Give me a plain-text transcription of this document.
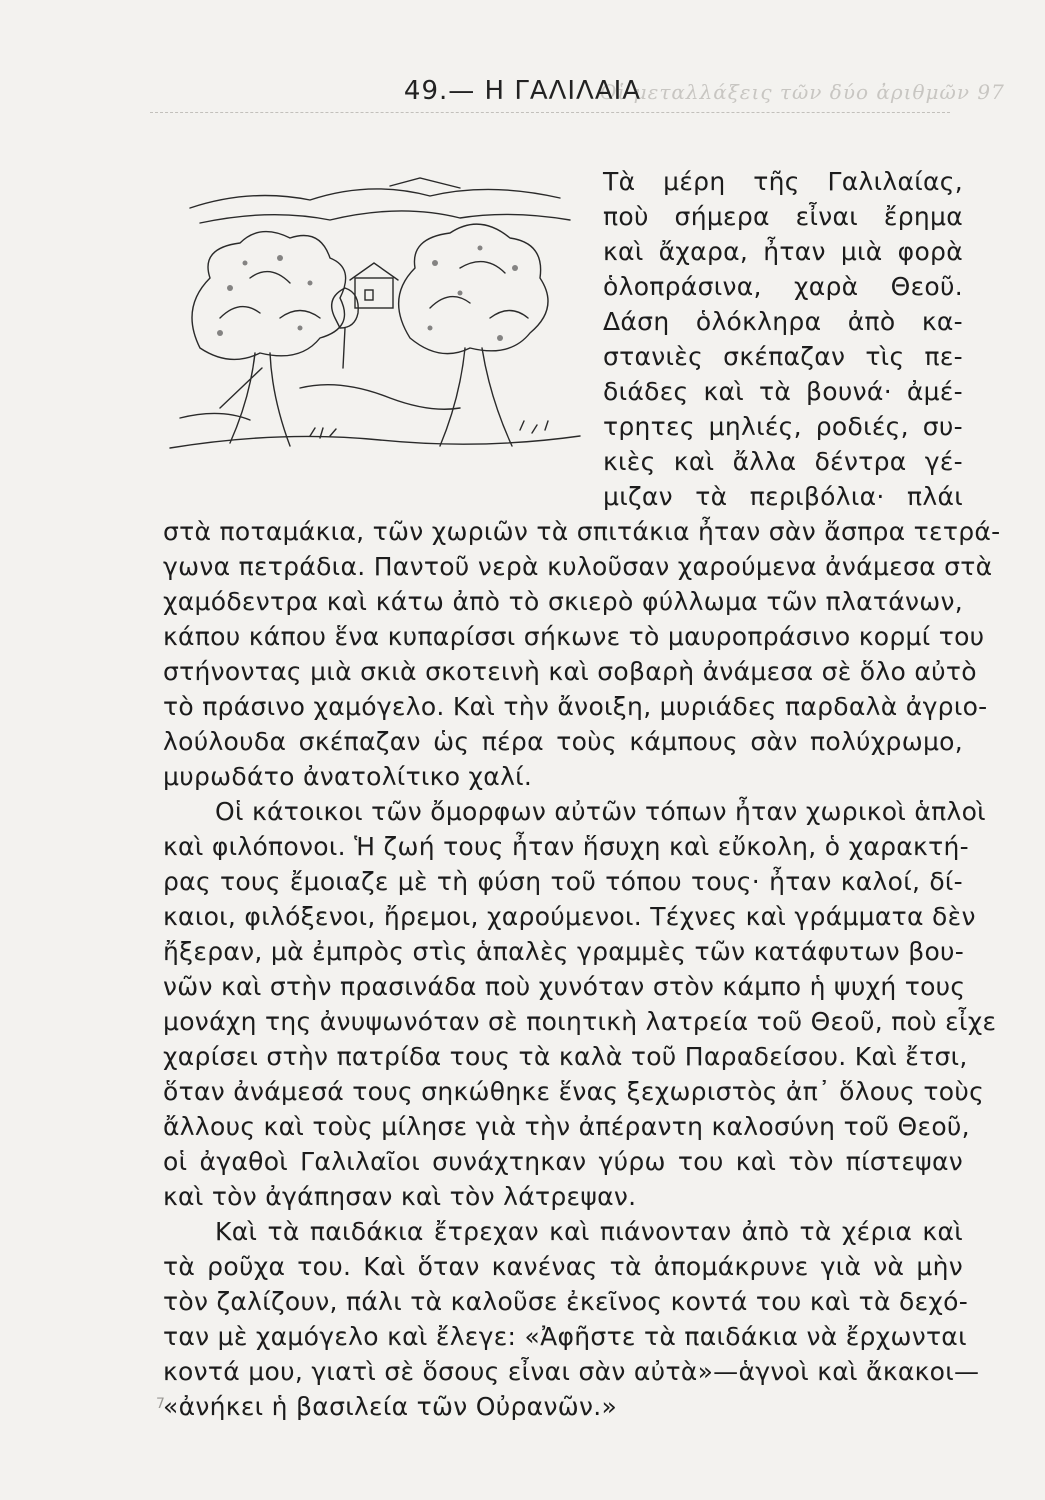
Οἱ μεταλλάξεις τῶν δύο ἀριθμῶν 97
49.— Η ΓΑΛΙΛΑΙΑ
Τὰ μέρη τῆς Γαλιλαίας,
ποὺ σήμερα εἶναι ἔρημα
καὶ ἄχαρα, ἦταν μιὰ φορὰ
ὁλοπράσινα, χαρὰ Θεοῦ.
Δάση ὁλόκληρα ἀπὸ κα-
στανιὲς σκέπαζαν τὶς πε-
διάδες καὶ τὰ βουνά· ἀμέ-
τρητες μηλιές, ροδιές, συ-
κιὲς καὶ ἄλλα δέντρα γέ-
μιζαν τὰ περιβόλια· πλάι
στὰ ποταμάκια, τῶν χωριῶν τὰ σπιτάκια ἦταν σὰν ἄσπρα τετρά-
γωνα πετράδια. Παντοῦ νερὰ κυλοῦσαν χαρούμενα ἀνάμεσα στὰ
χαμόδεντρα καὶ κάτω ἀπὸ τὸ σκιερὸ φύλλωμα τῶν πλατάνων,
κάπου κάπου ἕνα κυπαρίσσι σήκωνε τὸ μαυροπράσινο κορμί του
στήνοντας μιὰ σκιὰ σκοτεινὴ καὶ σοβαρὴ ἀνάμεσα σὲ ὅλο αὐτὸ
τὸ πράσινο χαμόγελο. Καὶ τὴν ἄνοιξη, μυριάδες παρδαλὰ ἀγριο-
λούλουδα σκέπαζαν ὡς πέρα τοὺς κάμπους σὰν πολύχρωμο,
μυρωδάτο ἀνατολίτικο χαλί.
Οἱ κάτοικοι τῶν ὄμορφων αὐτῶν τόπων ἦταν χωρικοὶ ἁπλοὶ
καὶ φιλόπονοι. Ἡ ζωή τους ἦταν ἥσυχη καὶ εὔκολη, ὁ χαρακτή-
ρας τους ἔμοιαζε μὲ τὴ φύση τοῦ τόπου τους· ἦταν καλοί, δί-
καιοι, φιλόξενοι, ἤρεμοι, χαρούμενοι. Τέχνες καὶ γράμματα δὲν
ἤξεραν, μὰ ἐμπρὸς στὶς ἁπαλὲς γραμμὲς τῶν κατάφυτων βου-
νῶν καὶ στὴν πρασινάδα ποὺ χυνόταν στὸν κάμπο ἡ ψυχή τους
μονάχη της ἀνυψωνόταν σὲ ποιητικὴ λατρεία τοῦ Θεοῦ, ποὺ εἶχε
χαρίσει στὴν πατρίδα τους τὰ καλὰ τοῦ Παραδείσου. Καὶ ἔτσι,
ὅταν ἀνάμεσά τους σηκώθηκε ἕνας ξεχωριστὸς ἀπ᾿ ὅλους τοὺς
ἄλλους καὶ τοὺς μίλησε γιὰ τὴν ἀπέραντη καλοσύνη τοῦ Θεοῦ,
οἱ ἀγαθοὶ Γαλιλαῖοι συνάχτηκαν γύρω του καὶ τὸν πίστεψαν
καὶ τὸν ἀγάπησαν καὶ τὸν λάτρεψαν.
Καὶ τὰ παιδάκια ἔτρεχαν καὶ πιάνονταν ἀπὸ τὰ χέρια καὶ
τὰ ροῦχα του. Καὶ ὅταν κανένας τὰ ἀπομάκρυνε γιὰ νὰ μὴν
τὸν ζαλίζουν, πάλι τὰ καλοῦσε ἐκεῖνος κοντά του καὶ τὰ δεχό-
ταν μὲ χαμόγελο καὶ ἔλεγε: «Ἀφῆστε τὰ παιδάκια νὰ ἔρχωνται
κοντά μου, γιατὶ σὲ ὅσους εἶναι σὰν αὐτὰ»—ἁγνοὶ καὶ ἄκακοι—
«ἀνήκει ἡ βασιλεία τῶν Οὐρανῶν.»
7
